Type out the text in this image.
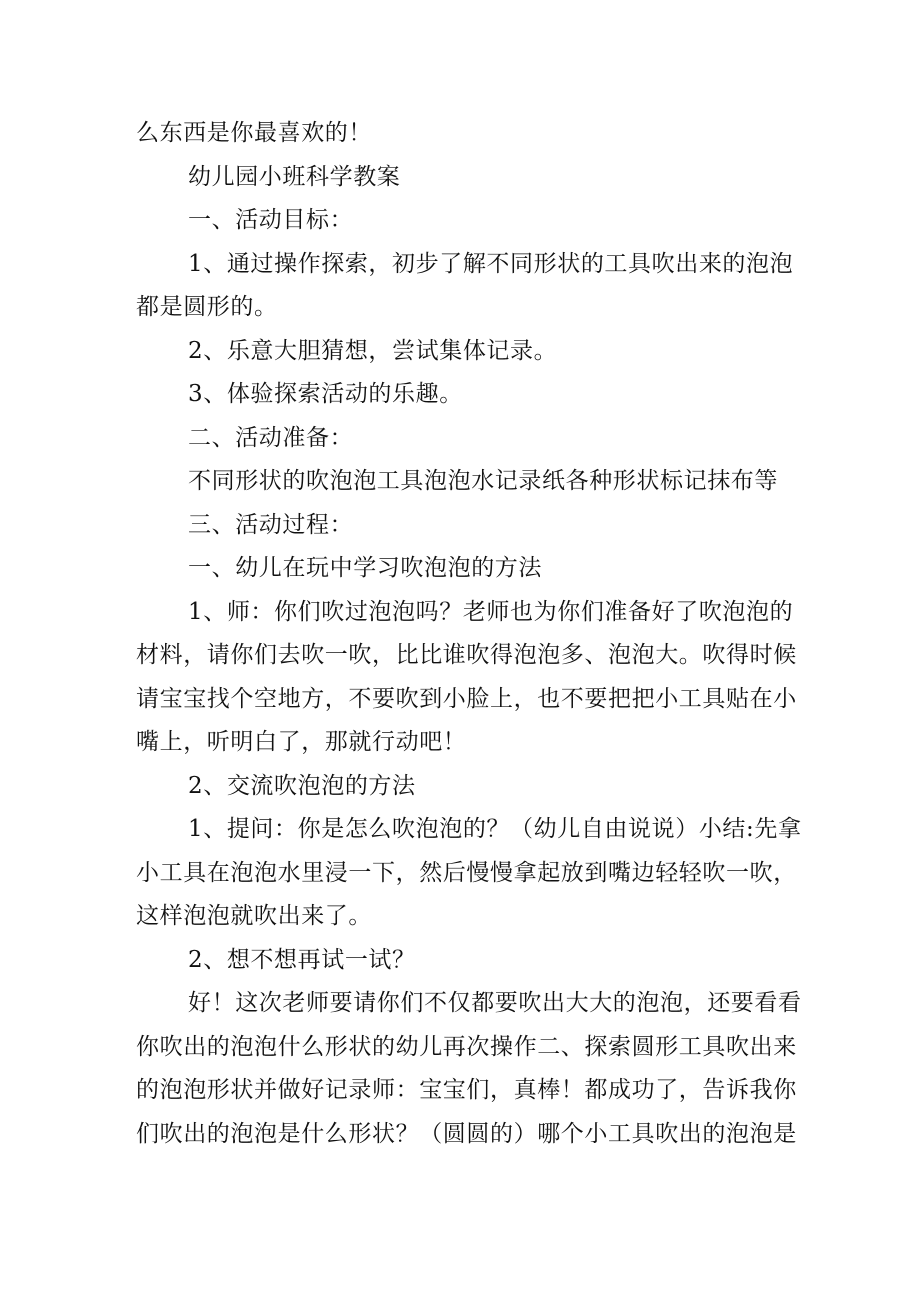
么东西是你最喜欢的！
幼儿园小班科学教案
一、活动目标：
1、通过操作探索，初步了解不同形状的工具吹出来的泡泡
都是圆形的。
2、乐意大胆猜想，尝试集体记录。
3、体验探索活动的乐趣。
二、活动准备：
不同形状的吹泡泡工具泡泡水记录纸各种形状标记抹布等
三、活动过程：
一、幼儿在玩中学习吹泡泡的方法
1、师：你们吹过泡泡吗？老师也为你们准备好了吹泡泡的
材料，请你们去吹一吹，比比谁吹得泡泡多、泡泡大。吹得时候
请宝宝找个空地方，不要吹到小脸上，也不要把把小工具贴在小
嘴上，听明白了，那就行动吧！
2、交流吹泡泡的方法
1、提问：你是怎么吹泡泡的？（幼儿自由说说）小结:先拿
小工具在泡泡水里浸一下，然后慢慢拿起放到嘴边轻轻吹一吹，
这样泡泡就吹出来了。
2、想不想再试一试？
好！这次老师要请你们不仅都要吹出大大的泡泡，还要看看
你吹出的泡泡什么形状的幼儿再次操作二、探索圆形工具吹出来
的泡泡形状并做好记录师：宝宝们，真棒！都成功了，告诉我你
们吹出的泡泡是什么形状？（圆圆的）哪个小工具吹出的泡泡是
